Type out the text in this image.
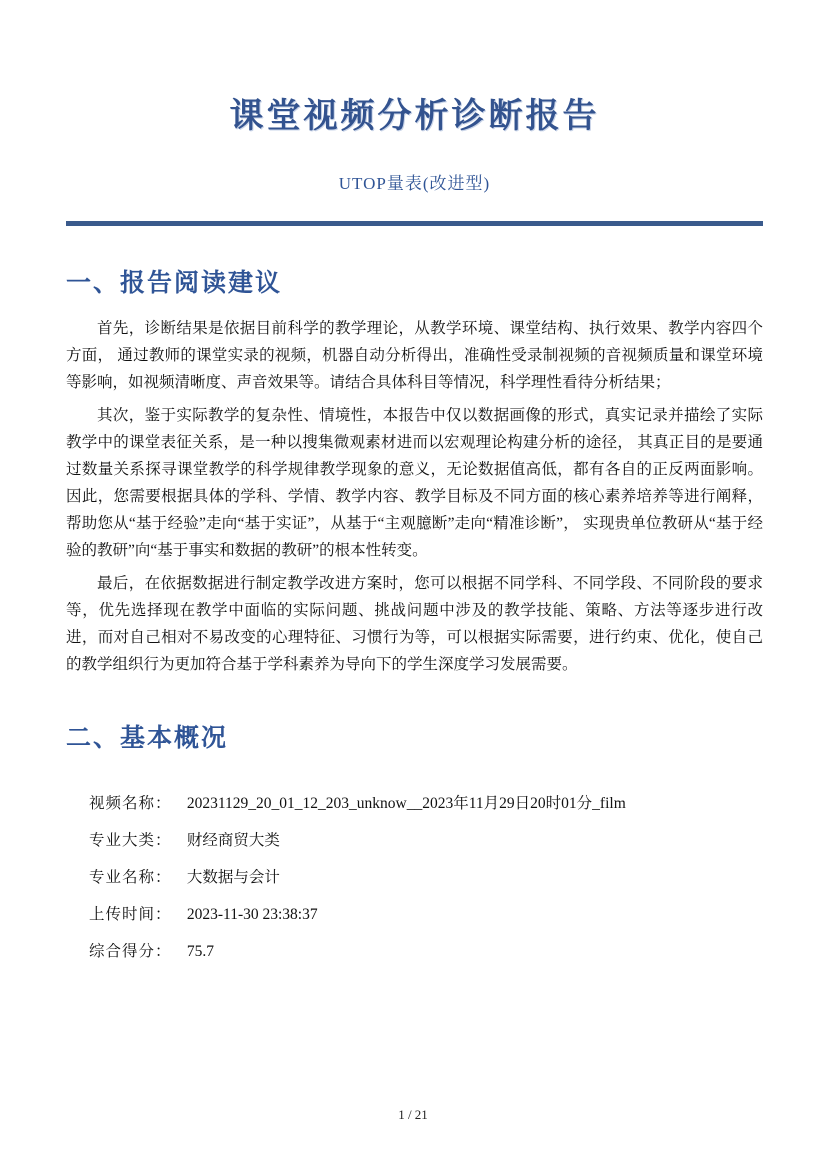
课堂视频分析诊断报告
UTOP量表(改进型)
一、报告阅读建议

首先，诊断结果是依据目前科学的教学理论，从教学环境、课堂结构、执行效果、教学内容四个方面， 通过教师的课堂实录的视频，机器自动分析得出，准确性受录制视频的音视频质量和课堂环境等影响，如视频清晰度、声音效果等。请结合具体科目等情况，科学理性看待分析结果；

其次，鉴于实际教学的复杂性、情境性，本报告中仅以数据画像的形式，真实记录并描绘了实际教学中的课堂表征关系，是一种以搜集微观素材进而以宏观理论构建分析的途径， 其真正目的是要通过数量关系探寻课堂教学的科学规律教学现象的意义，无论数据值高低，都有各自的正反两面影响。因此，您需要根据具体的学科、学情、教学内容、教学目标及不同方面的核心素养培养等进行阐释，帮助您从“基于经验”走向“基于实证”，从基于“主观臆断”走向“精准诊断”， 实现贵单位教研从“基于经验的教研”向“基于事实和数据的教研”的根本性转变。

最后，在依据数据进行制定教学改进方案时，您可以根据不同学科、不同学段、不同阶段的要求等，优先选择现在教学中面临的实际问题、挑战问题中涉及的教学技能、策略、方法等逐步进行改进，而对自己相对不易改变的心理特征、习惯行为等，可以根据实际需要，进行约束、优化，使自己的教学组织行为更加符合基于学科素养为导向下的学生深度学习发展需要。

二、基本概况
视频名称： 20231129_20_01_12_203_unknow__2023年11月29日20时01分_film
专业大类： 财经商贸大类
专业名称： 大数据与会计
上传时间： 2023-11-30 23:38:37
综合得分： 75.7
1 / 21
